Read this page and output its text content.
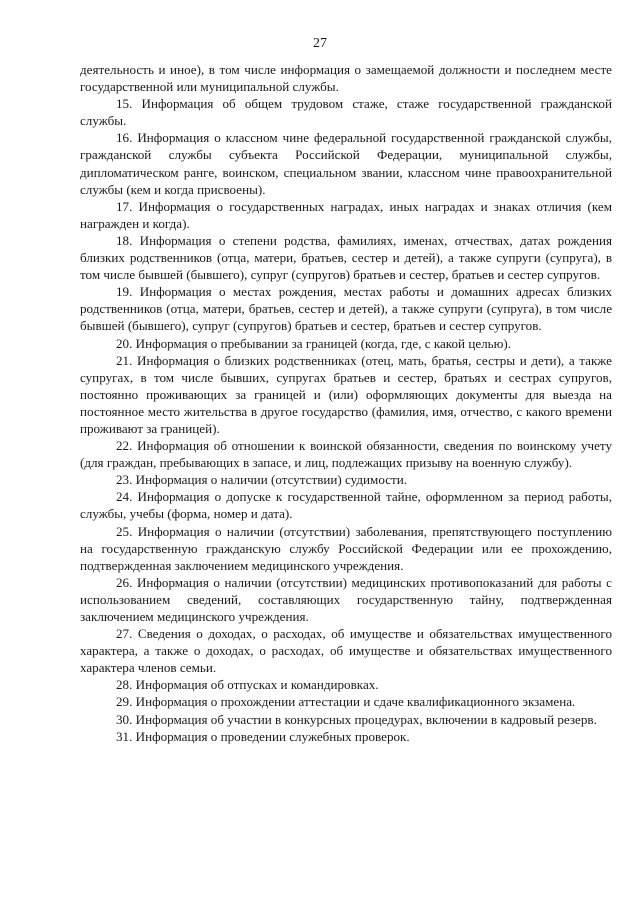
27

деятельность и иное), в том числе информация о замещаемой должности и последнем месте государственной или муниципальной службы.

15. Информация об общем трудовом стаже, стаже государственной гражданской службы.

16. Информация о классном чине федеральной государственной гражданской службы, гражданской службы субъекта Российской Федерации, муниципальной службы, дипломатическом ранге, воинском, специальном звании, классном чине правоохранительной службы (кем и когда присвоены).

17. Информация о государственных наградах, иных наградах и знаках отличия (кем награжден и когда).

18. Информация о степени родства, фамилиях, именах, отчествах, датах рождения близких родственников (отца, матери, братьев, сестер и детей), а также супруги (супруга), в том числе бывшей (бывшего), супруг (супругов) братьев и сестер, братьев и сестер супругов.

19. Информация о местах рождения, местах работы и домашних адресах близких родственников (отца, матери, братьев, сестер и детей), а также супруги (супруга), в том числе бывшей (бывшего), супруг (супругов) братьев и сестер, братьев и сестер супругов.

20. Информация о пребывании за границей (когда, где, с какой целью).

21. Информация о близких родственниках (отец, мать, братья, сестры и дети), а также супругах, в том числе бывших, супругах братьев и сестер, братьях и сестрах супругов, постоянно проживающих за границей и (или) оформляющих документы для выезда на постоянное место жительства в другое государство (фамилия, имя, отчество, с какого времени проживают за границей).

22. Информация об отношении к воинской обязанности, сведения по воинскому учету (для граждан, пребывающих в запасе, и лиц, подлежащих призыву на военную службу).

23. Информация о наличии (отсутствии) судимости.

24. Информация о допуске к государственной тайне, оформленном за период работы, службы, учебы (форма, номер и дата).

25. Информация о наличии (отсутствии) заболевания, препятствующего поступлению на государственную гражданскую службу Российской Федерации или ее прохождению, подтвержденная заключением медицинского учреждения.

26. Информация о наличии (отсутствии) медицинских противопоказаний для работы с использованием сведений, составляющих государственную тайну, подтвержденная заключением медицинского учреждения.

27. Сведения о доходах, о расходах, об имуществе и обязательствах имущественного характера, а также о доходах, о расходах, об имуществе и обязательствах имущественного характера членов семьи.

28. Информация об отпусках и командировках.

29. Информация о прохождении аттестации и сдаче квалификационного экзамена.

30. Информация об участии в конкурсных процедурах, включении в кадровый резерв.

31. Информация о проведении служебных проверок.
